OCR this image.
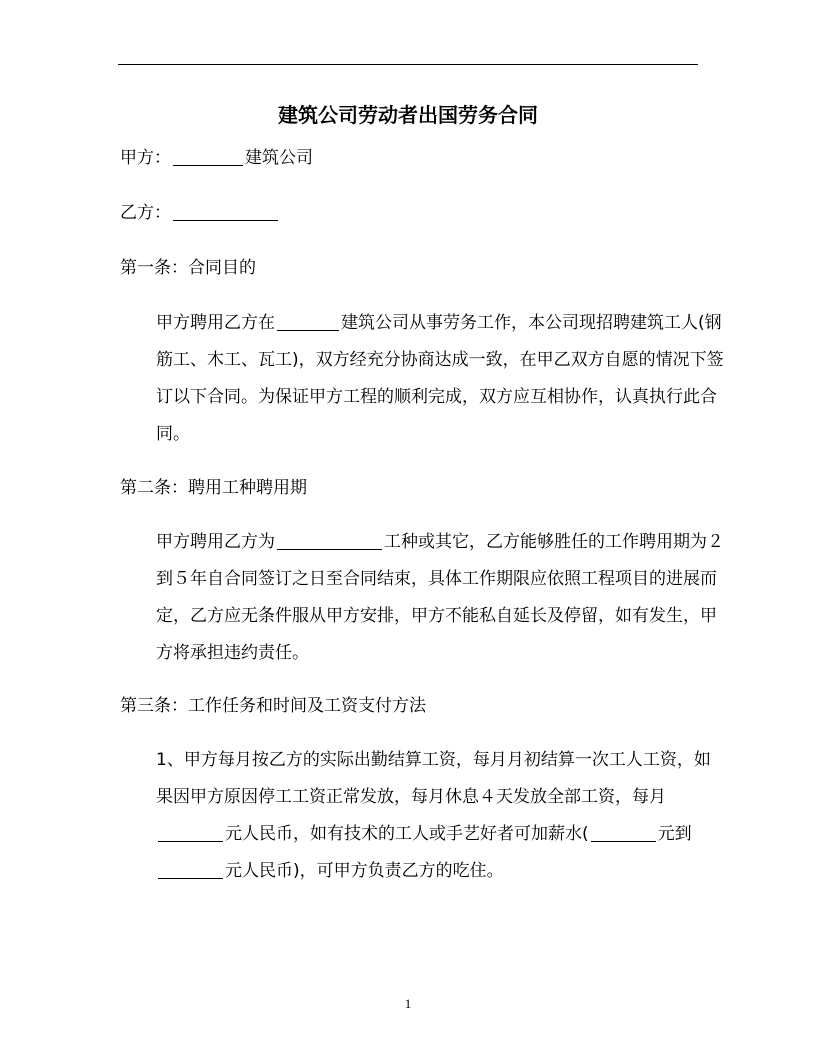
建筑公司劳动者出国劳务合同
甲方：	建筑公司
乙方：
第一条：合同目的

甲方聘用乙方在	建筑公司从事劳务工作，本公司现招聘建筑工人(钢筋工、木工、瓦工)，双方经充分协商达成一致，在甲乙双方自愿的情况下签订以下合同。为保证甲方工程的顺利完成，双方应互相协作，认真执行此合同。

第二条：聘用工种聘用期

甲方聘用乙方为	工种或其它，乙方能够胜任的工作聘用期为２到５年自合同签订之日至合同结束，具体工作期限应依照工程项目的进展而定，乙方应无条件服从甲方安排，甲方不能私自延长及停留，如有发生，甲方将承担违约责任。

第三条：工作任务和时间及工资支付方法

1、甲方每月按乙方的实际出勤结算工资，每月月初结算一次工人工资，如果因甲方原因停工工资正常发放，每月休息４天发放全部工资，每月元人民币，如有技术的工人或手艺好者可加薪水(	元到元人民币)，可甲方负责乙方的吃住。

1
